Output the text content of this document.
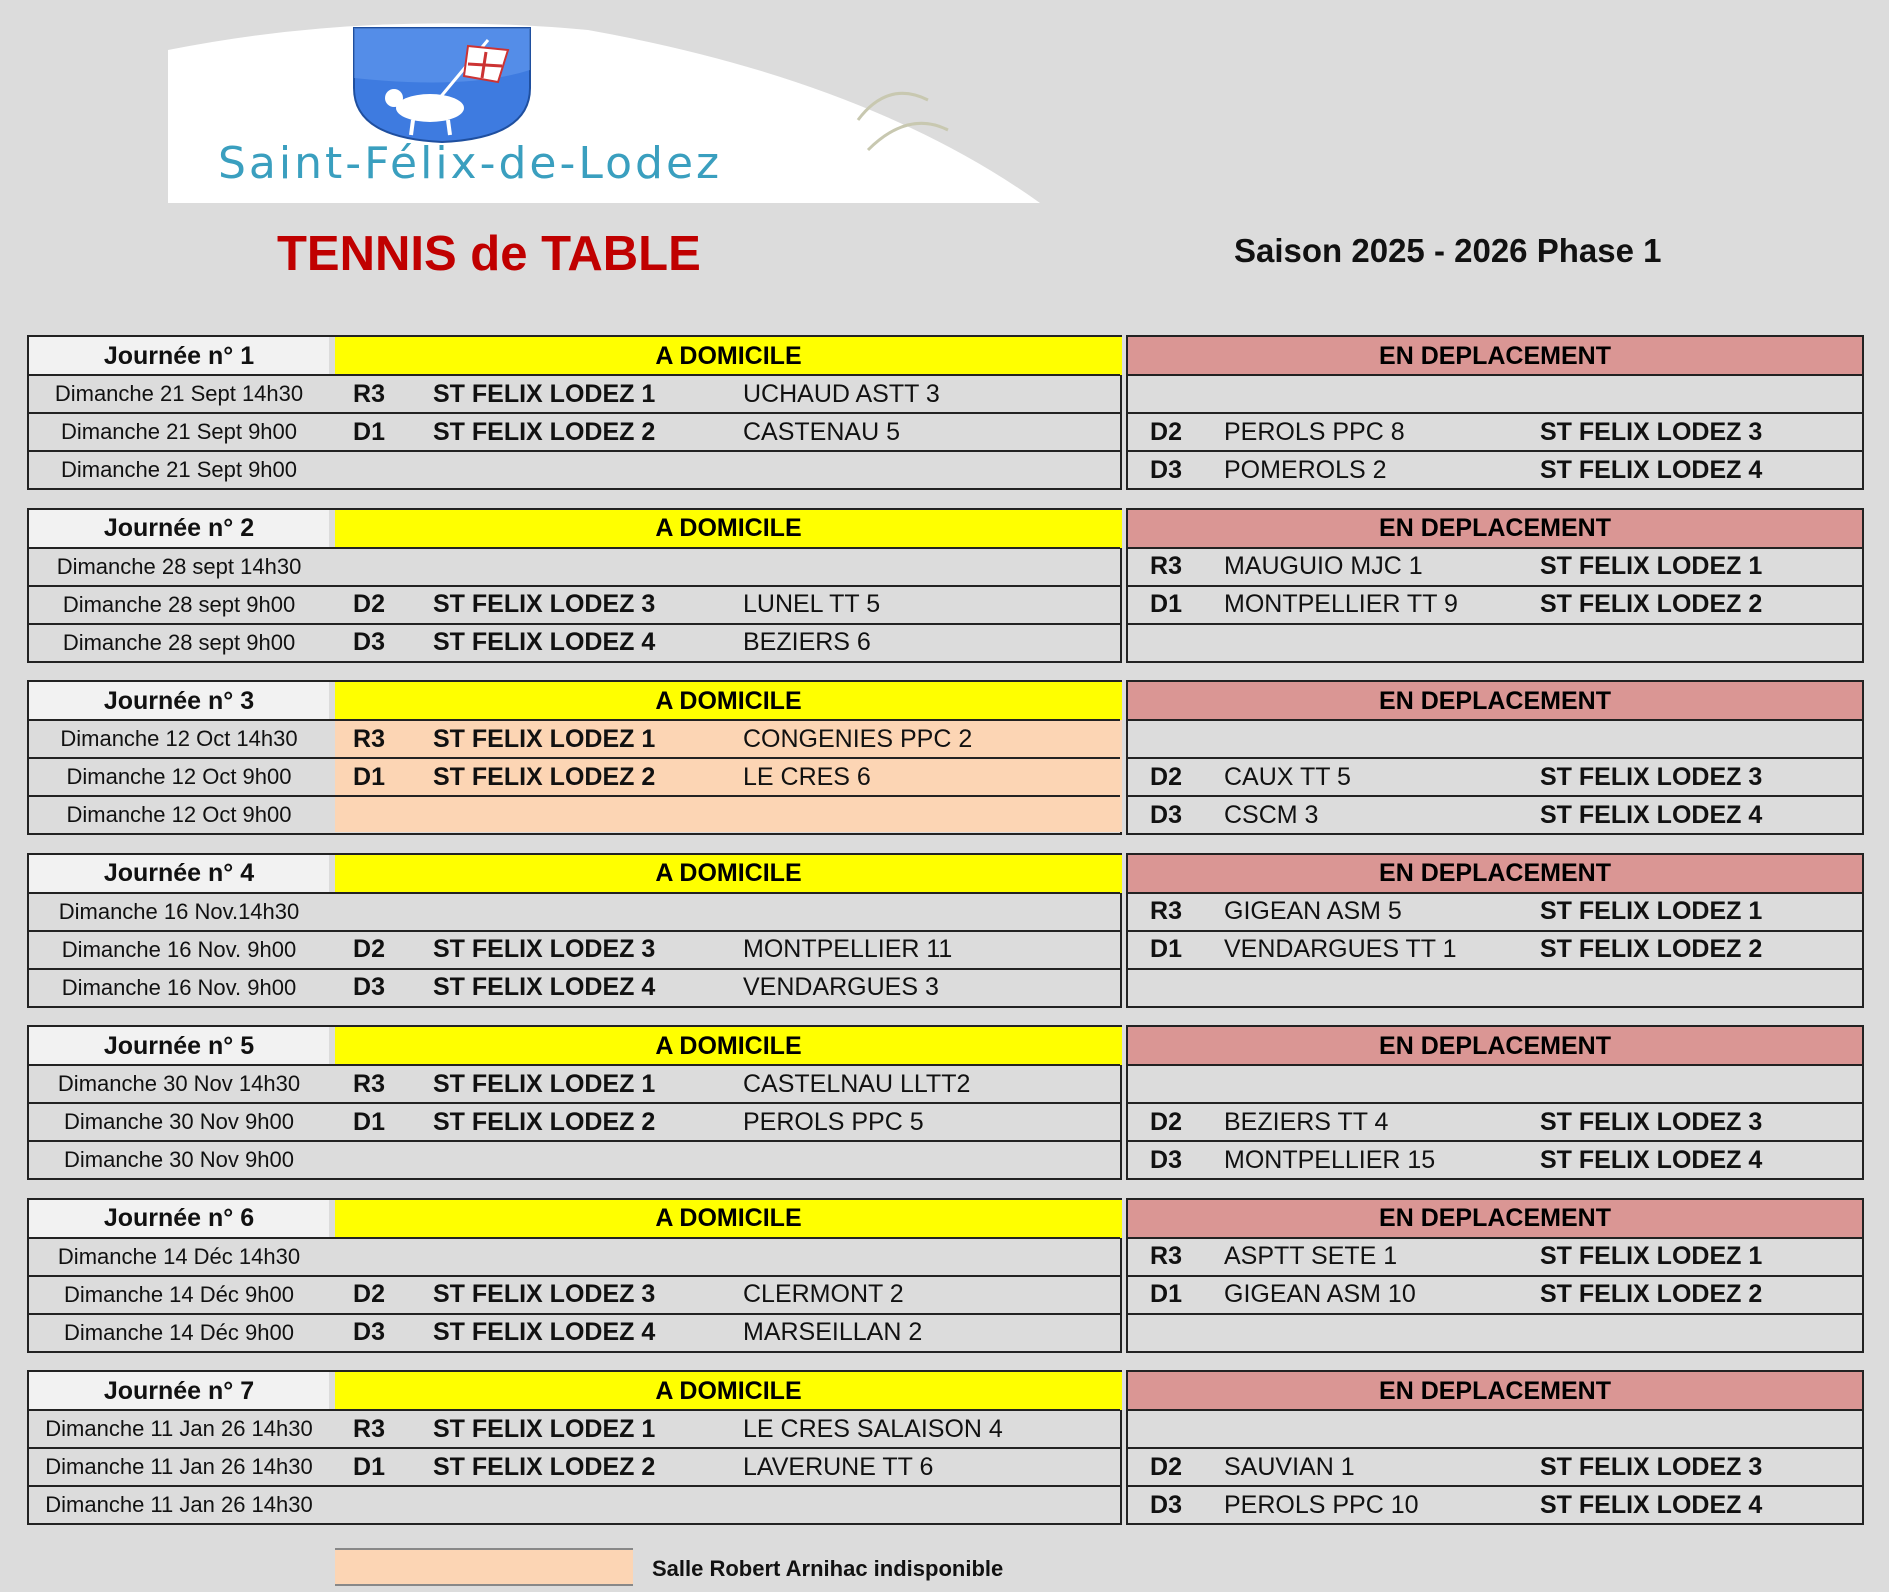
Saint-Félix-de-Lodez
TENNIS de TABLE	Saison 2025 - 2026 Phase 1
Journée n° 1	A DOMICILE
Dimanche 21 Sept 14h30	R3	ST FELIX LODEZ 1	UCHAUD ASTT 3
Dimanche 21 Sept 9h00	D1	ST FELIX LODEZ 2	CASTENAU 5
Dimanche 21 Sept 9h00
EN DEPLACEMENT
D2	PEROLS PPC 8	ST FELIX LODEZ 3
D3	POMEROLS 2	ST FELIX LODEZ 4
Journée n° 2	A DOMICILE
Dimanche 28 sept 14h30
Dimanche 28 sept 9h00	D2	ST FELIX LODEZ 3	LUNEL TT 5
Dimanche 28 sept 9h00	D3	ST FELIX LODEZ 4	BEZIERS 6
EN DEPLACEMENT
R3	MAUGUIO MJC 1	ST FELIX LODEZ 1
D1	MONTPELLIER TT 9	ST FELIX LODEZ 2
Journée n° 3	A DOMICILE
Dimanche 12 Oct 14h30	R3	ST FELIX LODEZ 1	CONGENIES PPC 2
Dimanche 12 Oct 9h00	D1	ST FELIX LODEZ 2	LE CRES 6
Dimanche 12 Oct 9h00
EN DEPLACEMENT
D2	CAUX TT 5	ST FELIX LODEZ 3
D3	CSCM 3	ST FELIX LODEZ 4
Journée n° 4	A DOMICILE
Dimanche 16 Nov.14h30
Dimanche 16 Nov. 9h00	D2	ST FELIX LODEZ 3	MONTPELLIER 11
Dimanche 16 Nov. 9h00	D3	ST FELIX LODEZ 4	VENDARGUES 3
EN DEPLACEMENT
R3	GIGEAN ASM 5	ST FELIX LODEZ 1
D1	VENDARGUES TT 1	ST FELIX LODEZ 2
Journée n° 5	A DOMICILE
Dimanche 30 Nov 14h30	R3	ST FELIX LODEZ 1	CASTELNAU LLTT2
Dimanche 30 Nov 9h00	D1	ST FELIX LODEZ 2	PEROLS PPC 5
Dimanche 30 Nov 9h00
EN DEPLACEMENT
D2	BEZIERS TT 4	ST FELIX LODEZ 3
D3	MONTPELLIER 15	ST FELIX LODEZ 4
Journée n° 6	A DOMICILE
Dimanche 14 Déc 14h30
Dimanche 14 Déc 9h00	D2	ST FELIX LODEZ 3	CLERMONT 2
Dimanche 14 Déc 9h00	D3	ST FELIX LODEZ 4	MARSEILLAN 2
EN DEPLACEMENT
R3	ASPTT SETE 1	ST FELIX LODEZ 1
D1	GIGEAN ASM 10	ST FELIX LODEZ 2
Journée n° 7	A DOMICILE
Dimanche 11 Jan 26 14h30	R3	ST FELIX LODEZ 1	LE CRES SALAISON 4
Dimanche 11 Jan 26 14h30	D1	ST FELIX LODEZ 2	LAVERUNE TT 6
Dimanche 11 Jan 26 14h30
EN DEPLACEMENT
D2	SAUVIAN 1	ST FELIX LODEZ 3
D3	PEROLS PPC 10	ST FELIX LODEZ 4
Salle Robert Arnihac indisponible
